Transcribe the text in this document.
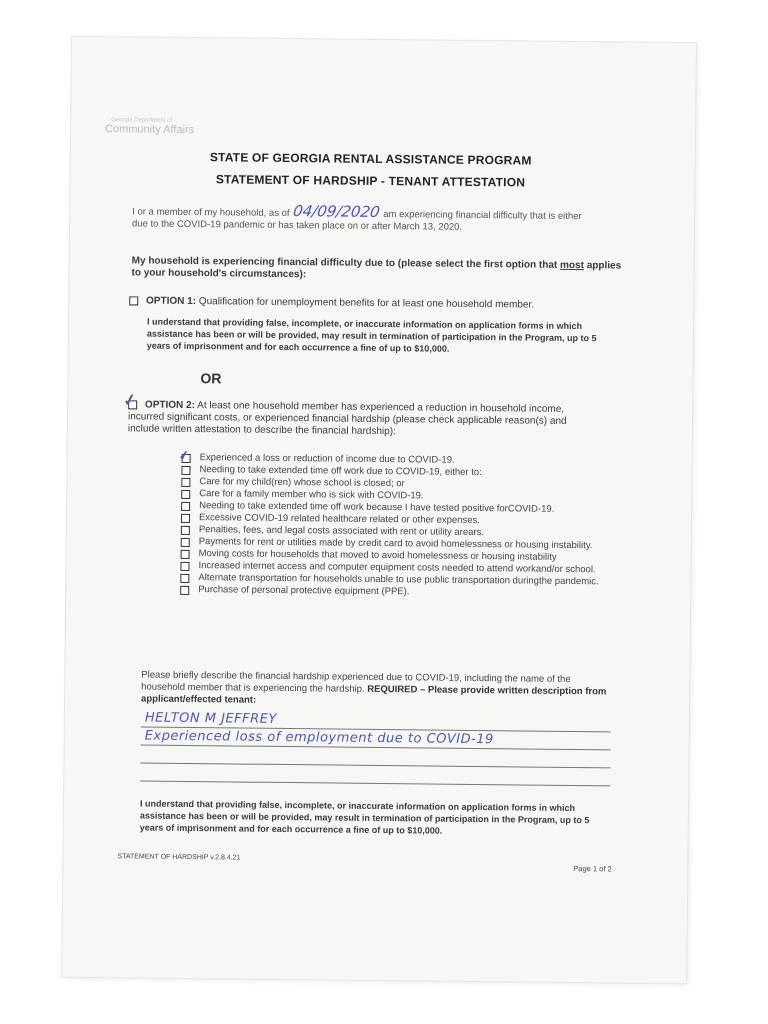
Georgia Department of
Community Affairs
STATE OF GEORGIA RENTAL ASSISTANCE PROGRAM
STATEMENT OF HARDSHIP - TENANT ATTESTATION
I or a member of my household, as of 04/09/2020 am experiencing financial difficulty that is either due to the COVID-19 pandemic or has taken place on or after March 13, 2020.
My household is experiencing financial difficulty due to (please select the first option that most applies to your household's circumstances):
OPTION 1: Qualification for unemployment benefits for at least one household member.
I understand that providing false, incomplete, or inaccurate information on application forms in which assistance has been or will be provided, may result in termination of participation in the Program, up to 5 years of imprisonment and for each occurrence a fine of up to $10,000.
OR
✓ OPTION 2: At least one household member has experienced a reduction in household income, incurred significant costs, or experienced financial hardship (please check applicable reason(s) and include written attestation to describe the financial hardship):
✓ Experienced a loss or reduction of income due to COVID-19.
Needing to take extended time off work due to COVID-19, either to:
Care for my child(ren) whose school is closed; or
Care for a family member who is sick with COVID-19.
Needing to take extended time off work because I have tested positive forCOVID-19.
Excessive COVID-19 related healthcare related or other expenses.
Penalties, fees, and legal costs associated with rent or utility arears.
Payments for rent or utilities made by credit card to avoid homelessness or housing instability.
Moving costs for households that moved to avoid homelessness or housing instability
Increased internet access and computer equipment costs needed to attend workand/or school.
Alternate transportation for households unable to use public transportation duringthe pandemic.
Purchase of personal protective equipment (PPE).
Please briefly describe the financial hardship experienced due to COVID-19, including the name of the household member that is experiencing the hardship. REQUIRED – Please provide written description from applicant/effected tenant:
HELTON M JEFFREY
Experienced loss of employment due to COVID-19
I understand that providing false, incomplete, or inaccurate information on application forms in which assistance has been or will be provided, may result in termination of participation in the Program, up to 5 years of imprisonment and for each occurrence a fine of up to $10,000.
STATEMENT OF HARDSHIP v.2.8.4.21
Page 1 of 2
